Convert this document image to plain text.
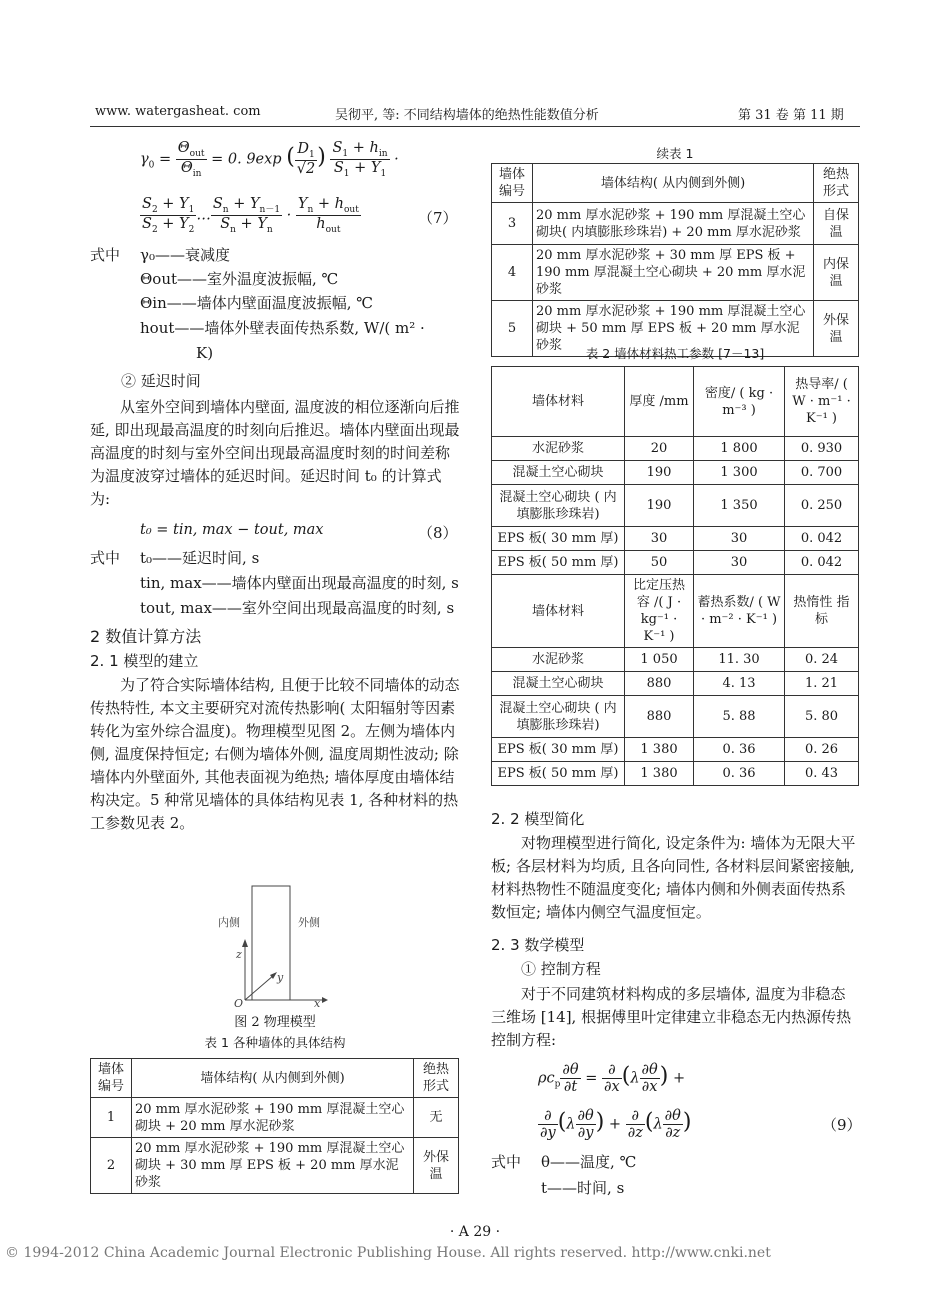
www. watergasheat. com	吴彻平, 等: 不同结构墙体的绝热性能数值分析	第 31 卷 第 11 期
$\gamma_0 = \frac{\Theta_{out}}{\Theta_{in}} = 0$. 9exp ( $\frac{D_1}{√2}$ ) $\frac{S_1 + h_{in}}{S_1 + Y_1}$ ·
$\frac{S_2 + Y_1}{S_2 + Y_2}$ … $\frac{S_n + Y_{n-1}}{S_n + Y_n} \cdot \frac{Y_n + h_{out}}{h_{out}}$	（7）
式中 γ₀——衰减度
Θout——室外温度波振幅, ℃
Θin——墙体内壁面温度波振幅, ℃
hout——墙体外壁表面传热系数, W/( m² ·
K)
② 延迟时间
从室外空间到墙体内壁面, 温度波的相位逐渐向后推延, 即出现最高温度的时刻向后推迟。墙体内壁面出现最高温度的时刻与室外空间出现最高温度时刻的时间差称为温度波穿过墙体的延迟时间。延迟时间 t₀ 的计算式为:
t₀ = tin, max − tout, max	（8）
式中 t₀——延迟时间, s
tin, max——墙体内壁面出现最高温度的时刻, s
tout, max——室外空间出现最高温度的时刻, s
2 数值计算方法
2. 1 模型的建立
为了符合实际墙体结构, 且便于比较不同墙体的动态传热特性, 本文主要研究对流传热影响( 太阳辐射等因素转化为室外综合温度)。物理模型见图 2。左侧为墙体内侧, 温度保持恒定; 右侧为墙体外侧, 温度周期性波动; 除墙体内外壁面外, 其他表面视为绝热; 墙体厚度由墙体结构决定。5 种常见墙体的具体结构见表 1, 各种材料的热工参数见表 2。
内侧	外侧
z
y
x
O
图 2 物理模型
表 1 各种墙体的具体结构
墙体编号	墙体结构( 从内侧到外侧)	绝热形式
1	20 mm 厚水泥砂浆 + 190 mm 厚混凝土空心砌块 + 20 mm 厚水泥砂浆	无
2	20 mm 厚水泥砂浆 + 190 mm 厚混凝土空心砌块 + 30 mm 厚 EPS 板 + 20 mm 厚水泥砂浆	外保温
续表 1
墙体编号	墙体结构( 从内侧到外侧)	绝热形式
3	20 mm 厚水泥砂浆 + 190 mm 厚混凝土空心砌块( 内填膨胀珍珠岩) + 20 mm 厚水泥砂浆	自保温
4	20 mm 厚水泥砂浆 + 30 mm 厚 EPS 板 + 190 mm 厚混凝土空心砌块 + 20 mm 厚水泥砂浆	内保温
5	20 mm 厚水泥砂浆 + 190 mm 厚混凝土空心砌块 + 50 mm 厚 EPS 板 + 20 mm 厚水泥砂浆	外保温
表 2 墙体材料热工参数 [7－13]
墙体材料	厚度 /mm	密度/ ( kg · m⁻³ )	热导率/ ( W · m⁻¹ · K⁻¹ )
水泥砂浆	20	1 800	0. 930
混凝土空心砌块	190	1 300	0. 700
混凝土空心砌块 ( 内填膨胀珍珠岩)	190	1 350	0. 250
EPS 板( 30 mm 厚)	30	30	0. 042
EPS 板( 50 mm 厚)	50	30	0. 042
墙体材料	比定压热容 /( J · kg⁻¹ · K⁻¹ )	蓄热系数/ ( W · m⁻² · K⁻¹ )	热惰性 指标
水泥砂浆	1 050	11. 30	0. 24
混凝土空心砌块	880	4. 13	1. 21
混凝土空心砌块 ( 内填膨胀珍珠岩)	880	5. 88	5. 80
EPS 板( 30 mm 厚)	1 380	0. 36	0. 26
EPS 板( 50 mm 厚)	1 380	0. 36	0. 43
2. 2 模型简化
对物理模型进行简化, 设定条件为: 墙体为无限大平板; 各层材料为均质, 且各向同性, 各材料层间紧密接触, 材料热物性不随温度变化; 墙体内侧和外侧表面传热系数恒定; 墙体内侧空气温度恒定。
2. 3 数学模型
① 控制方程
对于不同建筑材料构成的多层墙体, 温度为非稳态三维场 [14], 根据傅里叶定律建立非稳态无内热源传热控制方程:
$\rho c_p \frac{\partial\theta}{\partial t} = \frac{\partial}{\partial x} (\lambda \frac{\partial\theta}{\partial x}$ ) +
$\frac{\partial}{\partial y} (\lambda \frac{\partial\theta}{\partial y}$ ) + $\frac{\partial}{\partial z} (\lambda \frac{\partial\theta}{\partial z}$ )	（9）
式中 θ——温度, ℃
t——时间, s
· A 29 ·
© 1994-2012 China Academic Journal Electronic Publishing House. All rights reserved. http://www.cnki.net
